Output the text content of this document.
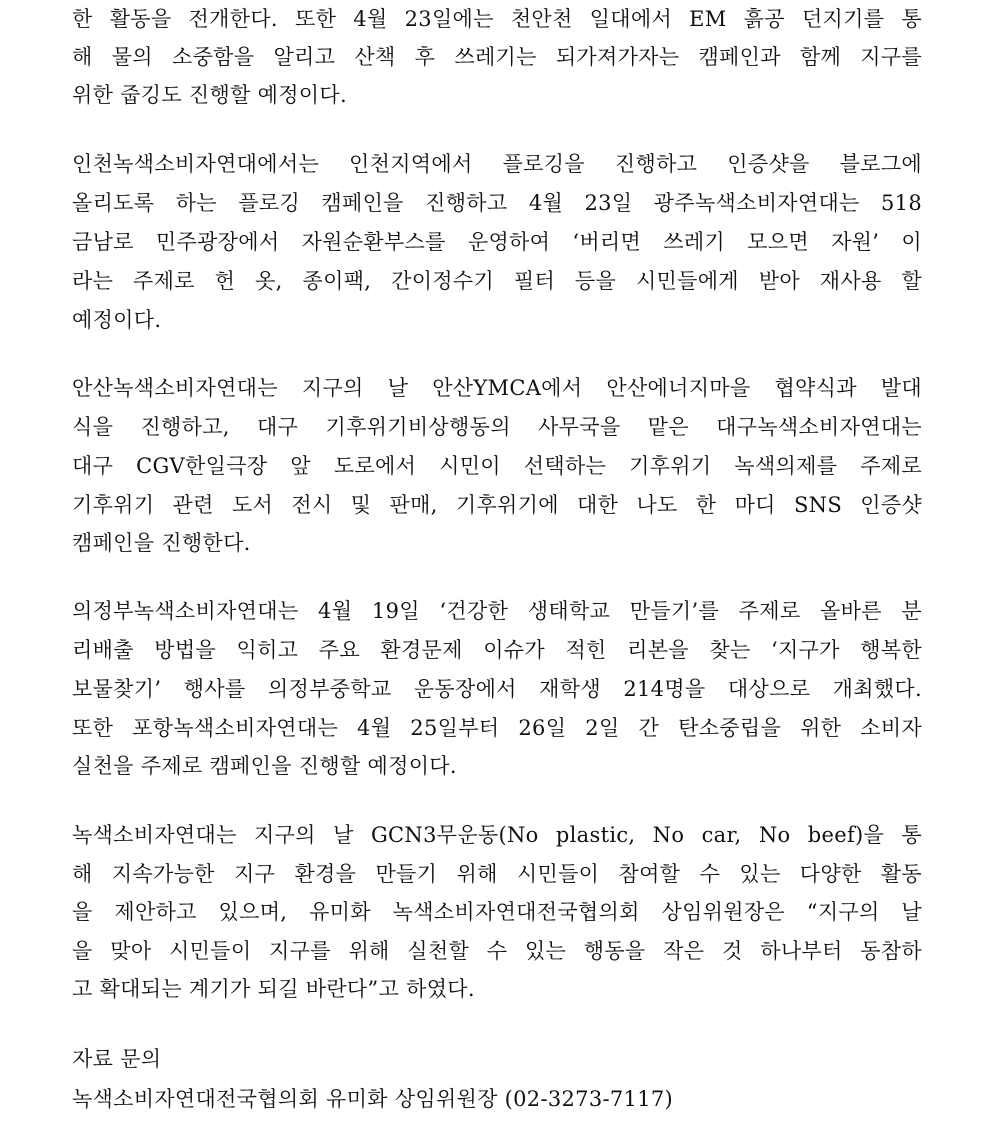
한 활동을 전개한다. 또한 4월 23일에는 천안천 일대에서 EM 흙공 던지기를 통
해 물의 소중함을 알리고 산책 후 쓰레기는 되가져가자는 캠페인과 함께 지구를
위한 줍깅도 진행할 예정이다.
인천녹색소비자연대에서는 인천지역에서 플로깅을 진행하고 인증샷을 블로그에
올리도록 하는 플로깅 캠페인을 진행하고 4월 23일 광주녹색소비자연대는 518
금남로 민주광장에서 자원순환부스를 운영하여 ‘버리면 쓰레기 모으면 자원’ 이
라는 주제로 헌 옷, 종이팩, 간이정수기 필터 등을 시민들에게 받아 재사용 할
예정이다.
안산녹색소비자연대는 지구의 날 안산YMCA에서 안산에너지마을 협약식과 발대
식을 진행하고, 대구 기후위기비상행동의 사무국을 맡은 대구녹색소비자연대는
대구 CGV한일극장 앞 도로에서 시민이 선택하는 기후위기 녹색의제를 주제로
기후위기 관련 도서 전시 및 판매, 기후위기에 대한 나도 한 마디 SNS 인증샷
캠페인을 진행한다.
의정부녹색소비자연대는 4월 19일 ‘건강한 생태학교 만들기’를 주제로 올바른 분
리배출 방법을 익히고 주요 환경문제 이슈가 적힌 리본을 찾는 ‘지구가 행복한
보물찾기’ 행사를 의정부중학교 운동장에서 재학생 214명을 대상으로 개최했다.
또한 포항녹색소비자연대는 4월 25일부터 26일 2일 간 탄소중립을 위한 소비자
실천을 주제로 캠페인을 진행할 예정이다.
녹색소비자연대는 지구의 날 GCN3무운동(No plastic, No car, No beef)을 통
해 지속가능한 지구 환경을 만들기 위해 시민들이 참여할 수 있는 다양한 활동
을 제안하고 있으며, 유미화 녹색소비자연대전국협의회 상임위원장은 “지구의 날
을 맞아 시민들이 지구를 위해 실천할 수 있는 행동을 작은 것 하나부터 동참하
고 확대되는 계기가 되길 바란다”고 하였다.
자료 문의
녹색소비자연대전국협의회 유미화 상임위원장 (02-3273-7117)
